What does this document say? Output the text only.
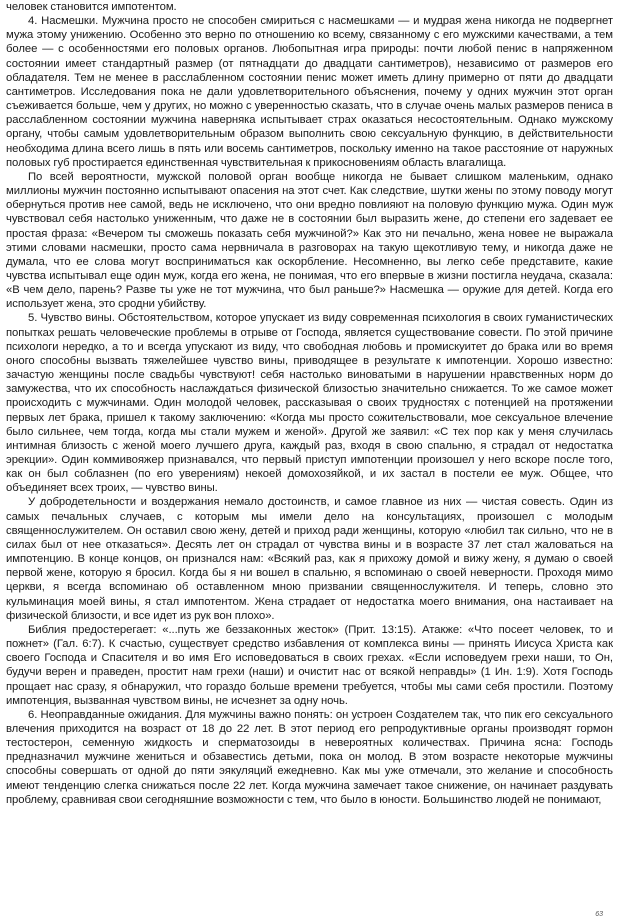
человек становится импотентом.

4. Насмешки. Мужчина просто не способен смириться с насмешками — и мудрая жена никогда не подвергнет мужа этому унижению. Особенно это верно по отношению ко всему, связанному с его мужскими качествами, а тем более — с особенностями его половых органов. Любопытная игра природы: почти любой пенис в напряженном состоянии имеет стандартный размер (от пятнадцати до двадцати сантиметров), независимо от размеров его обладателя. Тем не менее в расслабленном состоянии пенис может иметь длину примерно от пяти до двадцати сантиметров. Исследования пока не дали удовлетворительного объяснения, почему у одних мужчин этот орган съеживается больше, чем у других, но можно с уверенностью сказать, что в случае очень малых размеров пениса в расслабленном состоянии мужчина наверняка испытывает страх оказаться несостоятельным. Однако мужскому органу, чтобы самым удовлетворительным образом выполнить свою сексуальную функцию, в действительности необходима длина всего лишь в пять или восемь сантиметров, поскольку именно на такое расстояние от наружных половых губ простирается единственная чувствительная к прикосновениям область влагалища.

По всей вероятности, мужской половой орган вообще никогда не бывает слишком маленьким, однако миллионы мужчин постоянно испытывают опасения на этот счет. Как следствие, шутки жены по этому поводу могут обернуться против нее самой, ведь не исключено, что они вредно повлияют на половую функцию мужа. Один муж чувствовал себя настолько униженным, что даже не в состоянии был выразить жене, до степени его задевает ее простая фраза: «Вечером ты сможешь показать себя мужчиной?» Как это ни печально, жена новее не выражала этими словами насмешки, просто сама нервничала в разговорах на такую щекотливую тему, и никогда даже не думала, что ее слова могут восприниматься как оскорбление. Несомненно, вы легко себе представите, какие чувства испытывал еще один муж, когда его жена, не понимая, что его впервые в жизни постигла неудача, сказала: «В чем дело, парень? Разве ты уже не тот мужчина, что был раньше?» Насмешка — оружие для детей. Когда его использует жена, это сродни убийству.

5. Чувство вины. Обстоятельством, которое упускает из виду современная психология в своих гуманистических попытках решать человеческие проблемы в отрыве от Господа, является существование совести. По этой причине психологи нередко, а то и всегда упускают из виду, что свободная любовь и промискуитет до брака или во время оного способны вызвать тяжелейшее чувство вины, приводящее в результате к импотенции. Хорошо известно: зачастую женщины после свадьбы чувствуют! себя настолько виноватыми в нарушении нравственных норм до замужества, что их способность наслаждаться физической близостью значительно снижается. То же самое может происходить с мужчинами. Один молодой человек, рассказывая о своих трудностях с потенцией на протяжении первых лет брака, пришел к такому заключению: «Когда мы просто сожительствовали, мое сексуальное влечение было сильнее, чем тогда, когда мы стали мужем и женой». Другой же заявил: «С тех пор как у меня случилась интимная близость с женой моего лучшего друга, каждый раз, входя в свою спальню, я страдал от недостатка эрекции». Один коммивояжер признавался, что первый приступ импотенции произошел у него вскоре после того, как он был соблазнен (по его уверениям) некоей домохозяйкой, и их застал в постели ее муж. Общее, что объединяет всех троих, — чувство вины.

У добродетельности и воздержания немало достоинств, и самое главное из них — чистая совесть. Один из самых печальных случаев, с которым мы имели дело на консультациях, произошел с молодым священнослужителем. Он оставил свою жену, детей и приход ради женщины, которую «любил так сильно, что не в силах был от нее отказаться». Десять лет он страдал от чувства вины и в возрасте 37 лет стал жаловаться на импотенцию. В конце концов, он признался нам: «Всякий раз, как я прихожу домой и вижу жену, я думаю о своей первой жене, которую я бросил. Когда бы я ни вошел в спальню, я вспоминаю о своей неверности. Проходя мимо церкви, я всегда вспоминаю об оставленном мною призвании священнослужителя. И теперь, словно это кульминация моей вины, я стал импотентом. Жена страдает от недостатка моего внимания, она настаивает на физической близости, и все идет из рук вон плохо».

Библия предостерегает: «...путь же беззаконных жесток» (Прит. 13:15). Атакже: «Что посеет человек, то и пожнет» (Гал. 6:7). К счастью, существует средство избавления от комплекса вины — принять Иисуса Христа как своего Господа и Спасителя и во имя Его исповедоваться в своих грехах. «Если исповедуем грехи наши, то Он, будучи верен и праведен, простит нам грехи (наши) и очистит нас от всякой неправды» (1 Ин. 1:9). Хотя Господь прощает нас сразу, я обнаружил, что гораздо больше времени требуется, чтобы мы сами себя простили. Поэтому импотенция, вызванная чувством вины, не исчезнет за одну ночь.

6. Неоправданные ожидания. Для мужчины важно понять: он устроен Создателем так, что пик его сексуального влечения приходится на возраст от 18 до 22 лет. В этот период его репродуктивные органы производят гормон тестостерон, семенную жидкость и сперматозоиды в невероятных количествах. Причина ясна: Господь предназначил мужчине жениться и обзавестись детьми, пока он молод. В этом возрасте некоторые мужчины способны совершать от одной до пяти эякуляций ежедневно. Как мы уже отмечали, это желание и способность имеют тенденцию слегка снижаться после 22 лет. Когда мужчина замечает такое снижение, он начинает раздувать проблему, сравнивая свои сегодняшние возможности с тем, что было в юности. Большинство людей не понимают,

63
